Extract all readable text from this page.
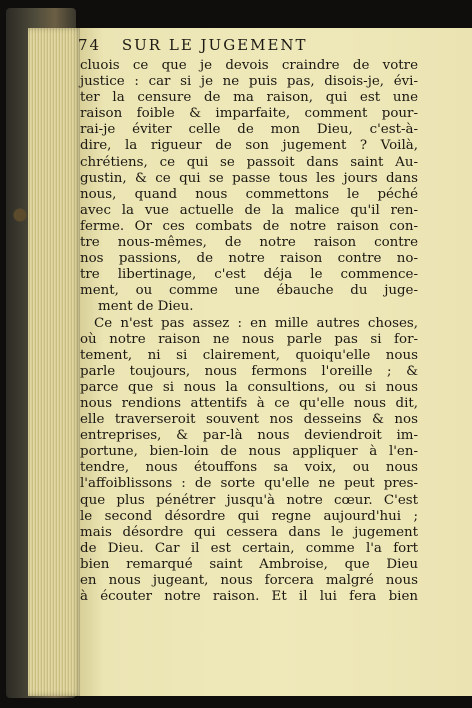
74 SUR LE JUGEMENT
cluois ce que je devois craindre de votre
justice : car si je ne puis pas, disois-je, évi-
ter la censure de ma raison, qui est une
raison foible & imparfaite, comment pour-
rai-je éviter celle de mon Dieu, c'est-à-
dire, la rigueur de son jugement ? Voilà,
chrétiens, ce qui se passoit dans saint Au-
gustin, & ce qui se passe tous les jours dans
nous, quand nous commettons le péché
avec la vue actuelle de la malice qu'il ren-
ferme. Or ces combats de notre raison con-
tre nous-mêmes, de notre raison contre
nos passions, de notre raison contre no-
tre libertinage, c'est déja le commence-
ment, ou comme une ébauche du juge-
ment de Dieu.
Ce n'est pas assez : en mille autres choses,
où notre raison ne nous parle pas si for-
tement, ni si clairement, quoiqu'elle nous
parle toujours, nous fermons l'oreille ; &
parce que si nous la consultions, ou si nous
nous rendions attentifs à ce qu'elle nous dit,
elle traverseroit souvent nos desseins & nos
entreprises, & par-là nous deviendroit im-
portune, bien-loin de nous appliquer à l'en-
tendre, nous étouffons sa voix, ou nous
l'affoiblissons : de sorte qu'elle ne peut pres-
que plus pénétrer jusqu'à notre cœur. C'est
le second désordre qui regne aujourd'hui ;
mais désordre qui cessera dans le jugement
de Dieu. Car il est certain, comme l'a fort
bien remarqué saint Ambroise, que Dieu
en nous jugeant, nous forcera malgré nous
à écouter notre raison. Et il lui fera bien
